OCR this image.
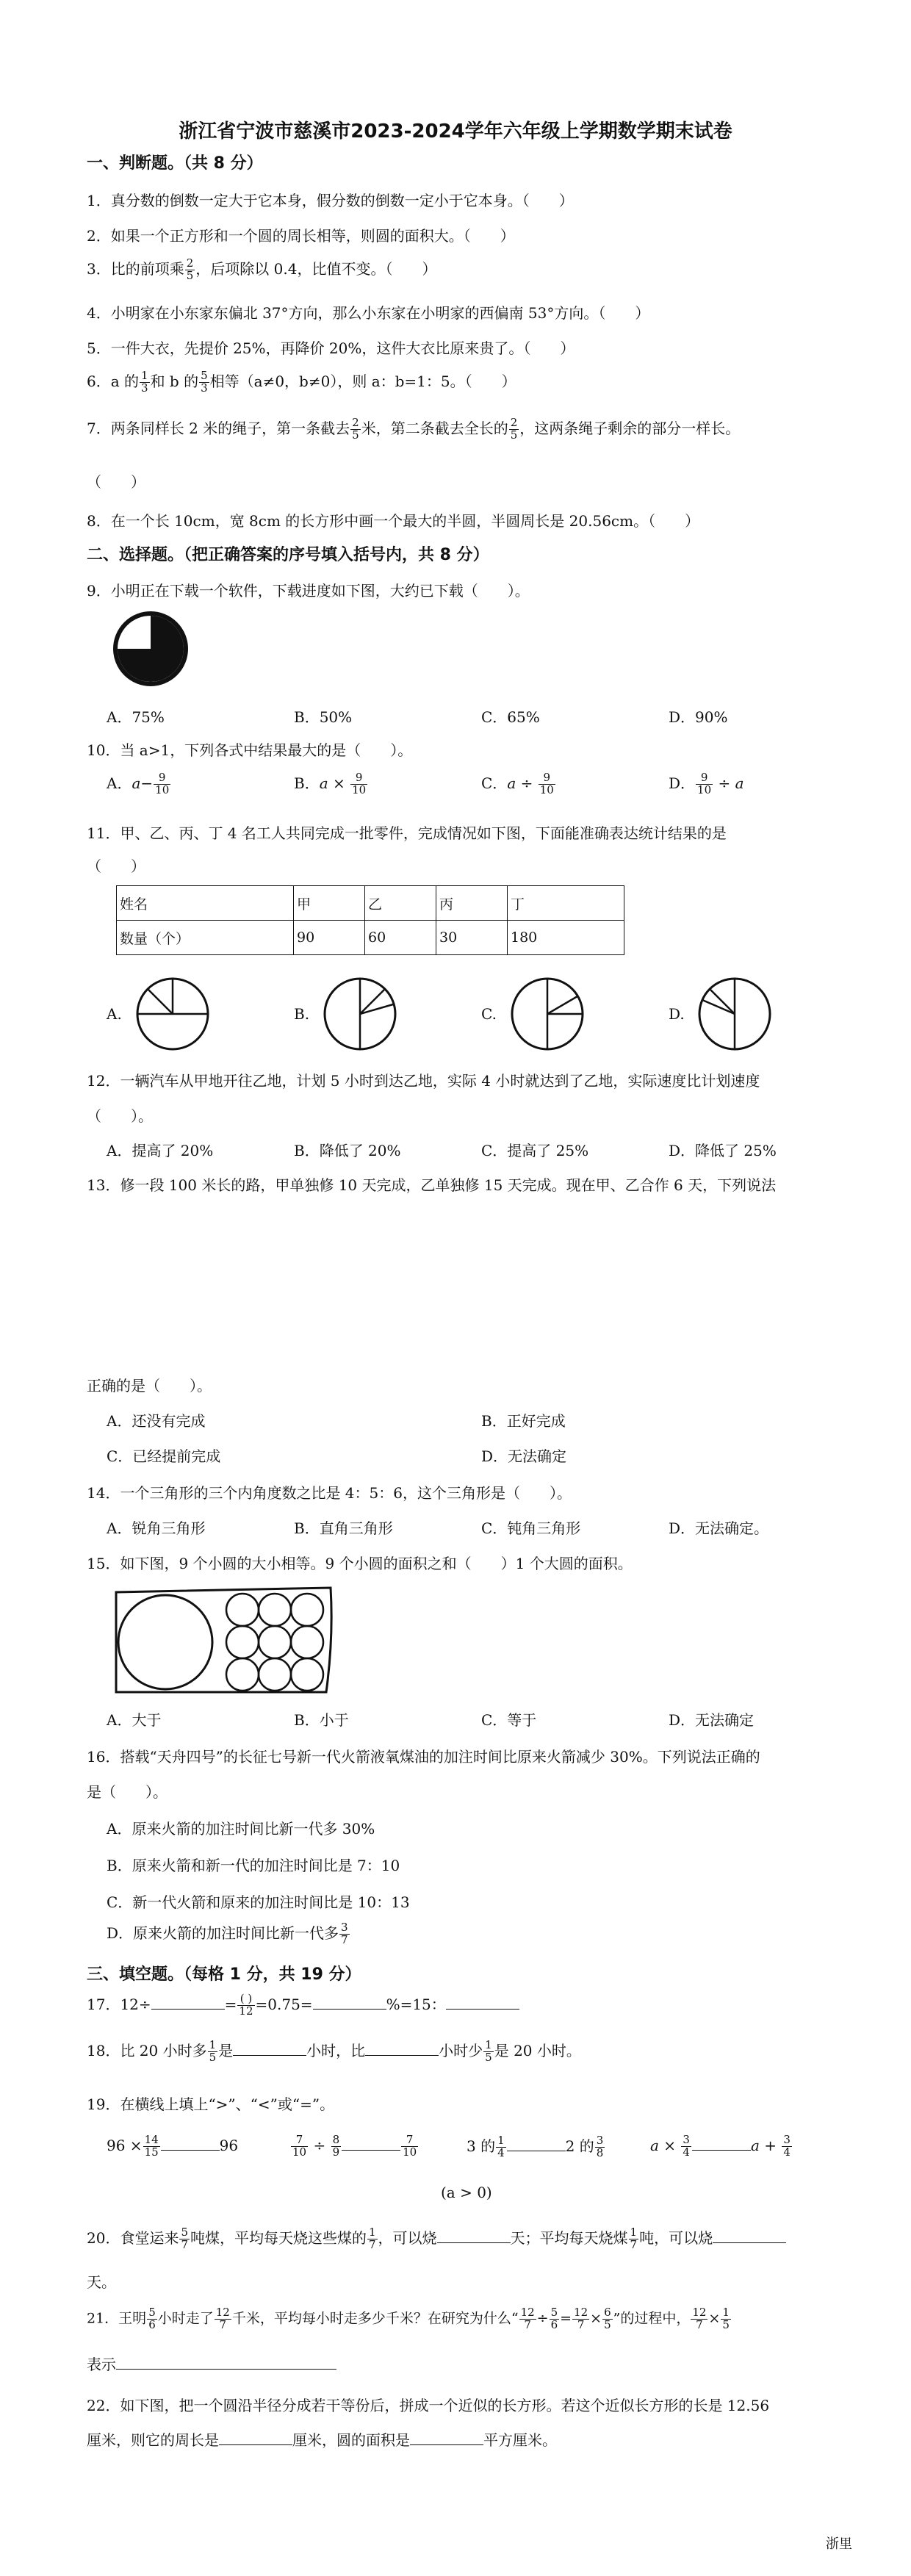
浙江省宁波市慈溪市2023-2024学年六年级上学期数学期末试卷
一、判断题。（共 8 分）
1．真分数的倒数一定大于它本身，假分数的倒数一定小于它本身。（　　）
2．如果一个正方形和一个圆的周长相等，则圆的面积大。（　　）
3．比的前项乘 $\frac{2}{5}$ ，后项除以 0.4，比值不变。（　　）
4．小明家在小东家东偏北 37°方向，那么小东家在小明家的西偏南 53°方向。（　　）
5．一件大衣，先提价 25%，再降价 20%，这件大衣比原来贵了。（　　）
6．a 的 $\frac{1}{3}$ 和 b 的 $\frac{5}{3}$ 相等（a≠0，b≠0），则 a：b=1：5。（　　）
7．两条同样长 2 米的绳子，第一条截去 $\frac{2}{5}$ 米，第二条截去全长的 $\frac{2}{5}$ ，这两条绳子剩余的部分一样长。
（　　）
8．在一个长 10cm，宽 8cm 的长方形中画一个最大的半圆，半圆周长是 20.56cm。（　　）
二、选择题。（把正确答案的序号填入括号内，共 8 分）
9．小明正在下载一个软件，下载进度如下图，大约已下载（　　）。
A．75%	B．50%	C．65%	D．90%
10．当 a>1，下列各式中结果最大的是（　　）。
A．$a- \frac{9}{10}$	B．$a \times \frac{9}{10}$	C．$a \div \frac{9}{10}$	D． $\frac{9}{10} \div a$
11．甲、乙、丙、丁 4 名工人共同完成一批零件，完成情况如下图，下面能准确表达统计结果的是
（　　）
姓名	甲	乙	丙	丁
数量（个）	90	60	30	180
A.	B.	C.	D.
12．一辆汽车从甲地开往乙地，计划 5 小时到达乙地，实际 4 小时就达到了乙地，实际速度比计划速度
（　　）。
A．提高了 20%	B．降低了 20%	C．提高了 25%	D．降低了 25%
13．修一段 100 米长的路，甲单独修 10 天完成，乙单独修 15 天完成。现在甲、乙合作 6 天，下列说法
正确的是（　　）。
A．还没有完成	B．正好完成
C．已经提前完成	D．无法确定
14．一个三角形的三个内角度数之比是 4：5：6，这个三角形是（　　）。
A．锐角三角形	B．直角三角形	C．钝角三角形	D．无法确定。
15．如下图，9 个小圆的大小相等。9 个小圆的面积之和（　　）1 个大圆的面积。
A．大于	B．小于	C．等于	D．无法确定
16．搭载“天舟四号”的长征七号新一代火箭液氧煤油的加注时间比原来火箭减少 30%。下列说法正确的
是（　　）。
A．原来火箭的加注时间比新一代多 30%
B．原来火箭和新一代的加注时间比是 7：10
C．新一代火箭和原来的加注时间比是 10：13
D．原来火箭的加注时间比新一代多 $\frac{3}{7}$
三、填空题。（每格 1 分，共 19 分）
17．12÷	= $\frac{( )}{12} =0.75=$	%=15：
18．比 20 小时多 $\frac{1}{5}$ 是	小时，比	小时少 $\frac{1}{5}$ 是 20 小时。
19．在横线上填上“>”、“<”或“=”。
$96 \times \frac{14}{15}$	96	$\frac{7}{10} \div \frac{8}{9}$	$\frac{7}{10}$	3 的 $\frac{1}{4}$	2 的 $\frac{3}{8}$	$a \times \frac{3}{4}$	$a + \frac{3}{4}$
(a > 0)
20．食堂运来 $\frac{5}{7}$ 吨煤，平均每天烧这些煤的 $\frac{1}{7}$ ，可以烧	天；平均每天烧煤 $\frac{1}{7}$ 吨，可以烧
天。
21．王明 $\frac{5}{6}$ 小时走了 $\frac{12}{7}$ 千米，平均每小时走多少千米？在研究为什么“ $\frac{12}{7} \div \frac{5}{6} = \frac{12}{7} \times \frac{6}{5}$ ”的过程中， $\frac{12}{7} \times \frac{1}{5}$
表示
22．如下图，把一个圆沿半径分成若干等份后，拼成一个近似的长方形。若这个近似长方形的长是 12.56
厘米，则它的周长是	厘米，圆的面积是	平方厘米。
浙里
